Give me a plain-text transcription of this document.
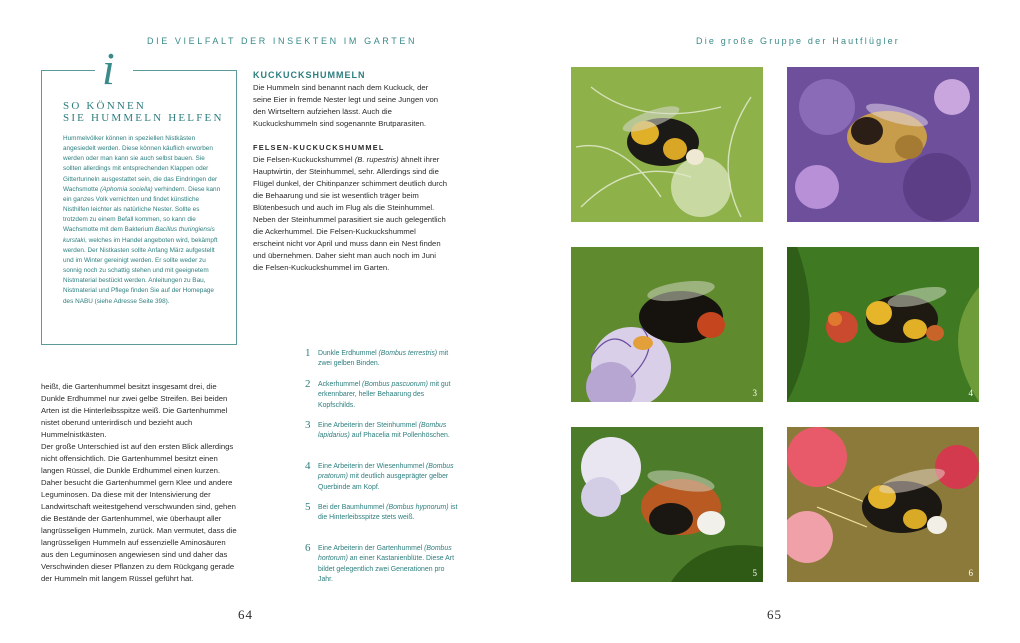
DIE VIELFALT DER INSEKTEN IM GARTEN	Die große Gruppe der Hautflügler
i
SO KÖNNEN
SIE HUMMELN HELFEN
Hummelvölker können in speziellen Nistkästen angesiedelt werden. Diese können käuflich erworben werden oder man kann sie auch selbst bauen. Sie sollten allerdings mit entsprechenden Klappen oder Gittertunneln ausgestattet sein, die das Eindringen der Wachsmotte (Aphomia sociella) verhindern. Diese kann ein ganzes Volk vernichten und findet künstliche Nisthilfen leichter als natürliche Nester. Sollte es trotzdem zu einem Befall kommen, so kann die Wachsmotte mit dem Bakterium Bacillus thuringiensis kurstaki, welches im Handel angeboten wird, bekämpft werden. Der Nistkasten sollte Anfang März aufgestellt und im Winter gereinigt werden. Er sollte weder zu sonnig noch zu schattig stehen und mit geeignetem Nistmaterial bestückt werden. Anleitungen zu Bau, Nistmaterial und Pflege finden Sie auf der Homepage des NABU (siehe Adresse Seite 398).
heißt, die Gartenhummel besitzt insgesamt drei, die Dunkle Erdhummel nur zwei gelbe Streifen. Bei beiden Arten ist die Hinterleibsspitze weiß. Die Gartenhummel nistet oberund unterirdisch und bezieht auch Hummelnistkästen.
Der große Unterschied ist auf den ersten Blick allerdings nicht offensichtlich. Die Gartenhummel besitzt einen langen Rüssel, die Dunkle Erdhummel einen kurzen. Daher besucht die Gartenhummel gern Klee und andere Leguminosen. Da diese mit der Intensivierung der Landwirtschaft weitestgehend verschwunden sind, gehen die Bestände der Gartenhummel, wie überhaupt aller langrüsseligen Hummeln, zurück. Man vermutet, dass die langrüsseligen Hummeln auf essenzielle Aminosäuren aus den Leguminosen angewiesen sind und daher das Verschwinden dieser Pflanzen zu dem Rückgang gerade der Hummeln mit langem Rüssel geführt hat.
KUCKUCKSHUMMELN
Die Hummeln sind benannt nach dem Kuckuck, der seine Eier in fremde Nester legt und seine Jungen von den Wirtseltern aufziehen lässt. Auch die Kuckuckshummeln sind sogenannte Brutparasiten.
FELSEN-KUCKUCKSHUMMEL
Die Felsen-Kuckuckshummel (B. rupestris) ähnelt ihrer Hauptwirtin, der Steinhummel, sehr. Allerdings sind die Flügel dunkel, der Chitinpanzer schimmert deutlich durch die Behaarung und sie ist wesentlich träger beim Blütenbesuch und auch im Flug als die Steinhummel. Neben der Steinhummel parasitiert sie auch gelegentlich die Ackerhummel. Die Felsen-Kuckuckshummel erscheint nicht vor April und muss dann ein Nest finden und übernehmen. Daher sieht man auch noch im Juni die Felsen-Kuckuckshummel im Garten.
1 Dunkle Erdhummel (Bombus terrestris) mit zwei gelben Binden.
2 Ackerhummel (Bombus pascuorum) mit gut erkennbarer, heller Behaarung des Kopfschilds.
3 Eine Arbeiterin der Steinhummel (Bombus lapidarius) auf Phacelia mit Pollenhöschen.
4 Eine Arbeiterin der Wiesenhummel (Bombus pratorum) mit deutlich ausgeprägter gelber Querbinde am Kopf.
5 Bei der Baumhummel (Bombus hypnorum) ist die Hinterleibsspitze stets weiß.
6 Eine Arbeiterin der Gartenhummel (Bombus hortorum) an einer Kastanienblüte. Diese Art bildet gelegentlich zwei Generationen pro Jahr.
3	4
5	6
64	65
